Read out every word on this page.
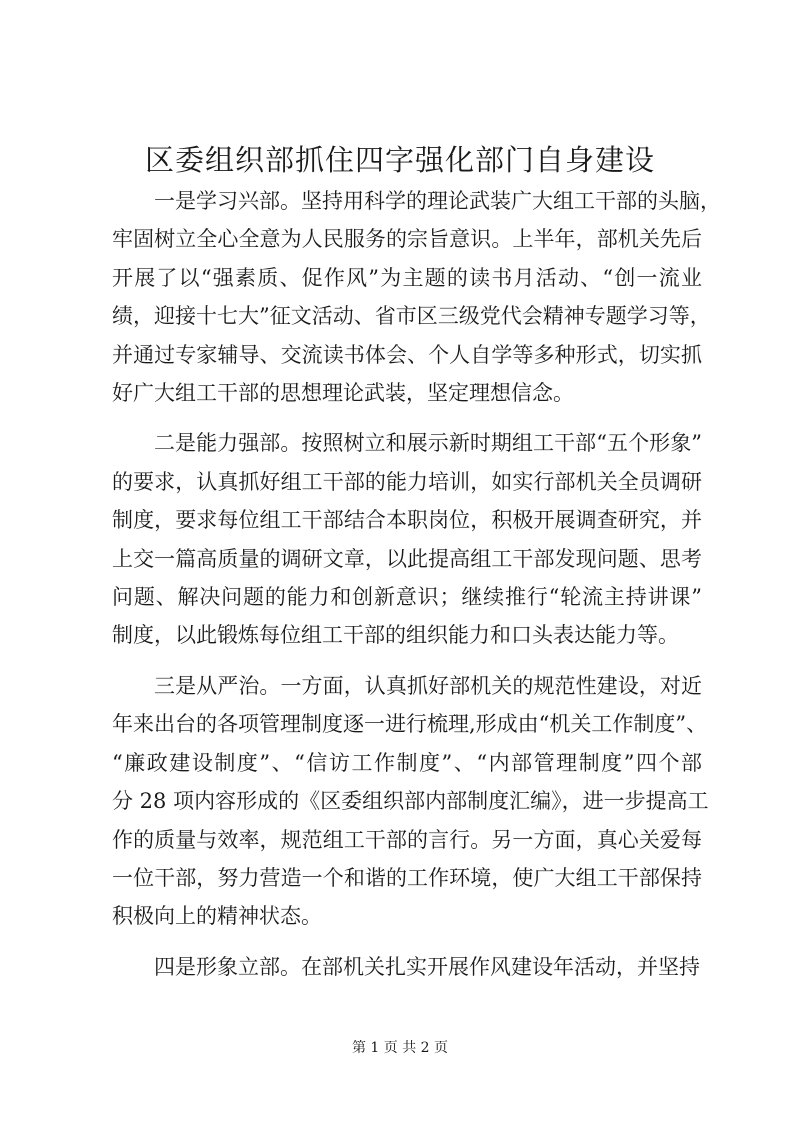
区委组织部抓住四字强化部门自身建设

一是学习兴部。坚持用科学的理论武装广大组工干部的头脑，
牢固树立全心全意为人民服务的宗旨意识。上半年，部机关先后
开展了以“强素质、促作风”为主题的读书月活动、“创一流业
绩，迎接十七大”征文活动、省市区三级党代会精神专题学习等，
并通过专家辅导、交流读书体会、个人自学等多种形式，切实抓
好广大组工干部的思想理论武装，坚定理想信念。

二是能力强部。按照树立和展示新时期组工干部“五个形象”
的要求，认真抓好组工干部的能力培训，如实行部机关全员调研
制度，要求每位组工干部结合本职岗位，积极开展调查研究，并
上交一篇高质量的调研文章，以此提高组工干部发现问题、思考
问题、解决问题的能力和创新意识；继续推行“轮流主持讲课”
制度，以此锻炼每位组工干部的组织能力和口头表达能力等。

三是从严治。一方面，认真抓好部机关的规范性建设，对近
年来出台的各项管理制度逐一进行梳理,形成由“机关工作制度”、
“廉政建设制度”、“信访工作制度”、“内部管理制度”四个部
分 28 项内容形成的《区委组织部内部制度汇编》，进一步提高工
作的质量与效率，规范组工干部的言行。另一方面，真心关爱每
一位干部，努力营造一个和谐的工作环境，使广大组工干部保持
积极向上的精神状态。

四是形象立部。在部机关扎实开展作风建设年活动，并坚持

第 1 页 共 2 页
